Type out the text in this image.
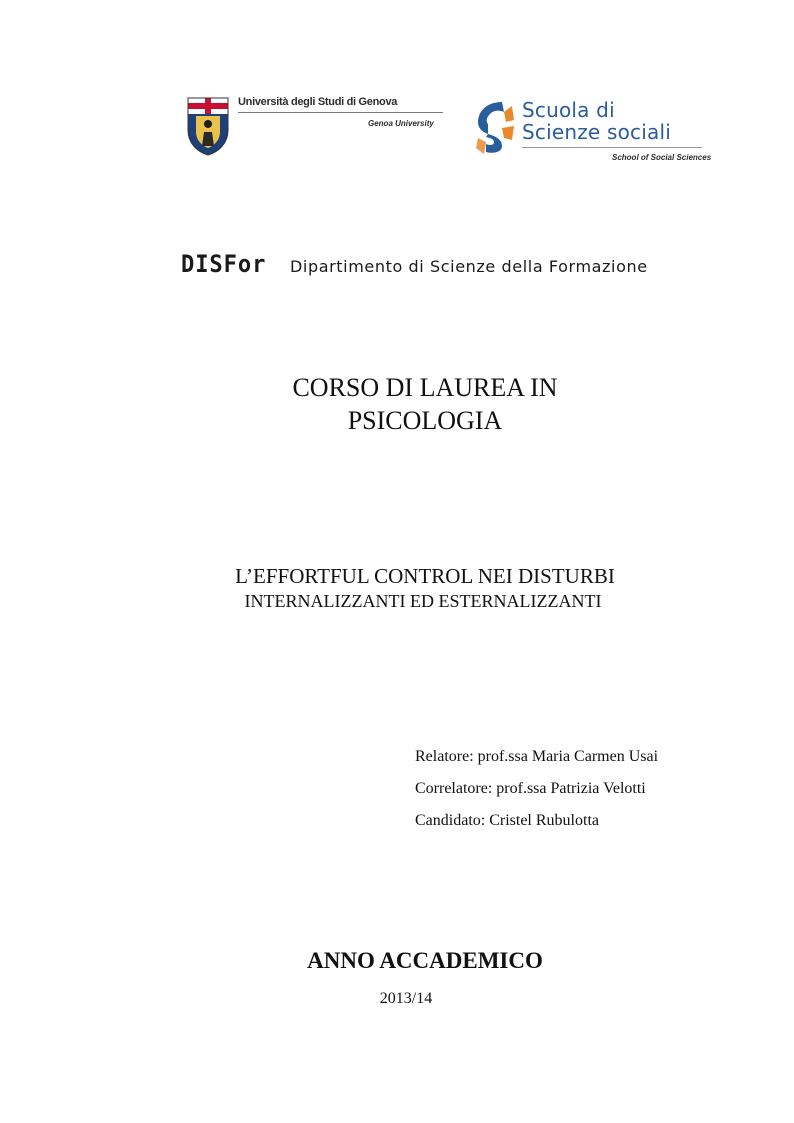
Università degli Studi di Genova
Genoa University
Scuola di
Scienze sociali
School of Social Sciences
DISFor Dipartimento di Scienze della Formazione
CORSO DI LAUREA IN
PSICOLOGIA
L’EFFORTFUL CONTROL NEI DISTURBI
INTERNALIZZANTI ED ESTERNALIZZANTI
Relatore: prof.ssa Maria Carmen Usai
Correlatore: prof.ssa Patrizia Velotti
Candidato: Cristel Rubulotta
ANNO ACCADEMICO
2013/14
